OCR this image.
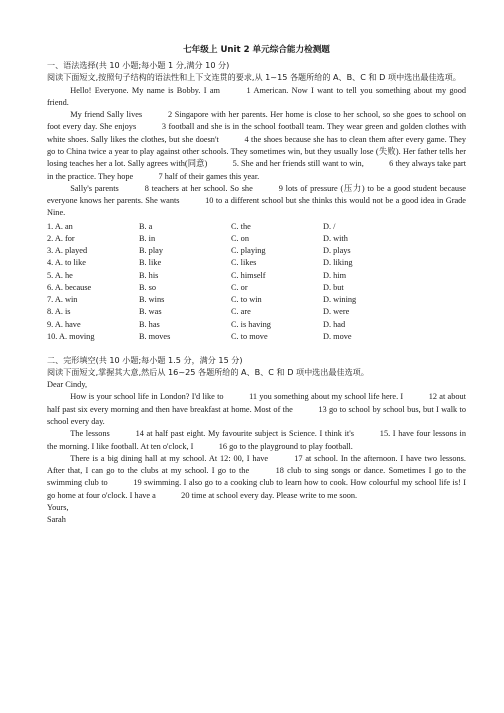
七年级上 Unit 2 单元综合能力检测题
一、语法选择(共 10 小题;每小题 1 分,满分 10 分)
阅读下面短文,按照句子结构的语法性和上下文连贯的要求,从 1~15 各题所给的 A、B、C 和 D 项中选出最佳选项。

Hello! Everyone. My name is Bobby. I am	1 American. Now I want to tell you something about my good friend.

My friend Sally lives	2 Singapore with her parents. Her home is close to her school, so she goes to school on foot every day. She enjoys	3 football and she is in the school football team. They wear green and golden clothes with white shoes. Sally likes the clothes, but she doesn't	4 the shoes because she has to clean them after every game. They go to China twice a year to play against other schools. They sometimes win, but they usually lose (失败). Her father tells her losing teaches her a lot. Sally agrees with(同意)	5. She and her friends still want to win,	6 they always take part in the practice. They hope	7 half of their games this year.

Sally's parents	8 teachers at her school. So she	9 lots of pressure (压力) to be a good student because everyone knows her parents. She wants	10 to a different school but she thinks this would not be a good idea in Grade Nine.

1. A. an	B. a	C. the	D. /
2. A. for	B. in	C. on	D. with
3. A. played	B. play	C. playing	D. plays
4. A. to like	B. like	C. likes	D. liking
5. A. he	B. his	C. himself	D. him
6. A. because	B. so	C. or	D. but
7. A. win	B. wins	C. to win	D. wining
8. A. is	B. was	C. are	D. were
9. A. have	B. has	C. is having	D. had
10. A. moving	B. moves	C. to move	D. move
二、完形填空(共 10 小题;每小题 1.5 分，满分 15 分)
阅读下面短文,掌握其大意,然后从 16~25 各题所给的 A、B、C 和 D 项中选出最佳选项。

Dear Cindy,

How is your school life in London? I'd like to	11 you something about my school life here. I	12 at about half past six every morning and then have breakfast at home. Most of the	13 go to school by school bus, but I walk to school every day.

The lessons	14 at half past eight. My favourite subject is Science. I think it's	15. I have four lessons in the morning. I like football. At ten o'clock, I	16 go to the playground to play football.

There is a big dining hall at my school. At 12: 00, I have	17 at school. In the afternoon. I have two lessons. After that, I can go to the clubs at my school. I go to the	18 club to sing songs or dance. Sometimes I go to the swimming club to	19 swimming. I also go to a cooking club to learn how to cook. How colourful my school life is! I go home at four o'clock. I have a	20 time at school every day. Please write to me soon.

Yours,

Sarah
